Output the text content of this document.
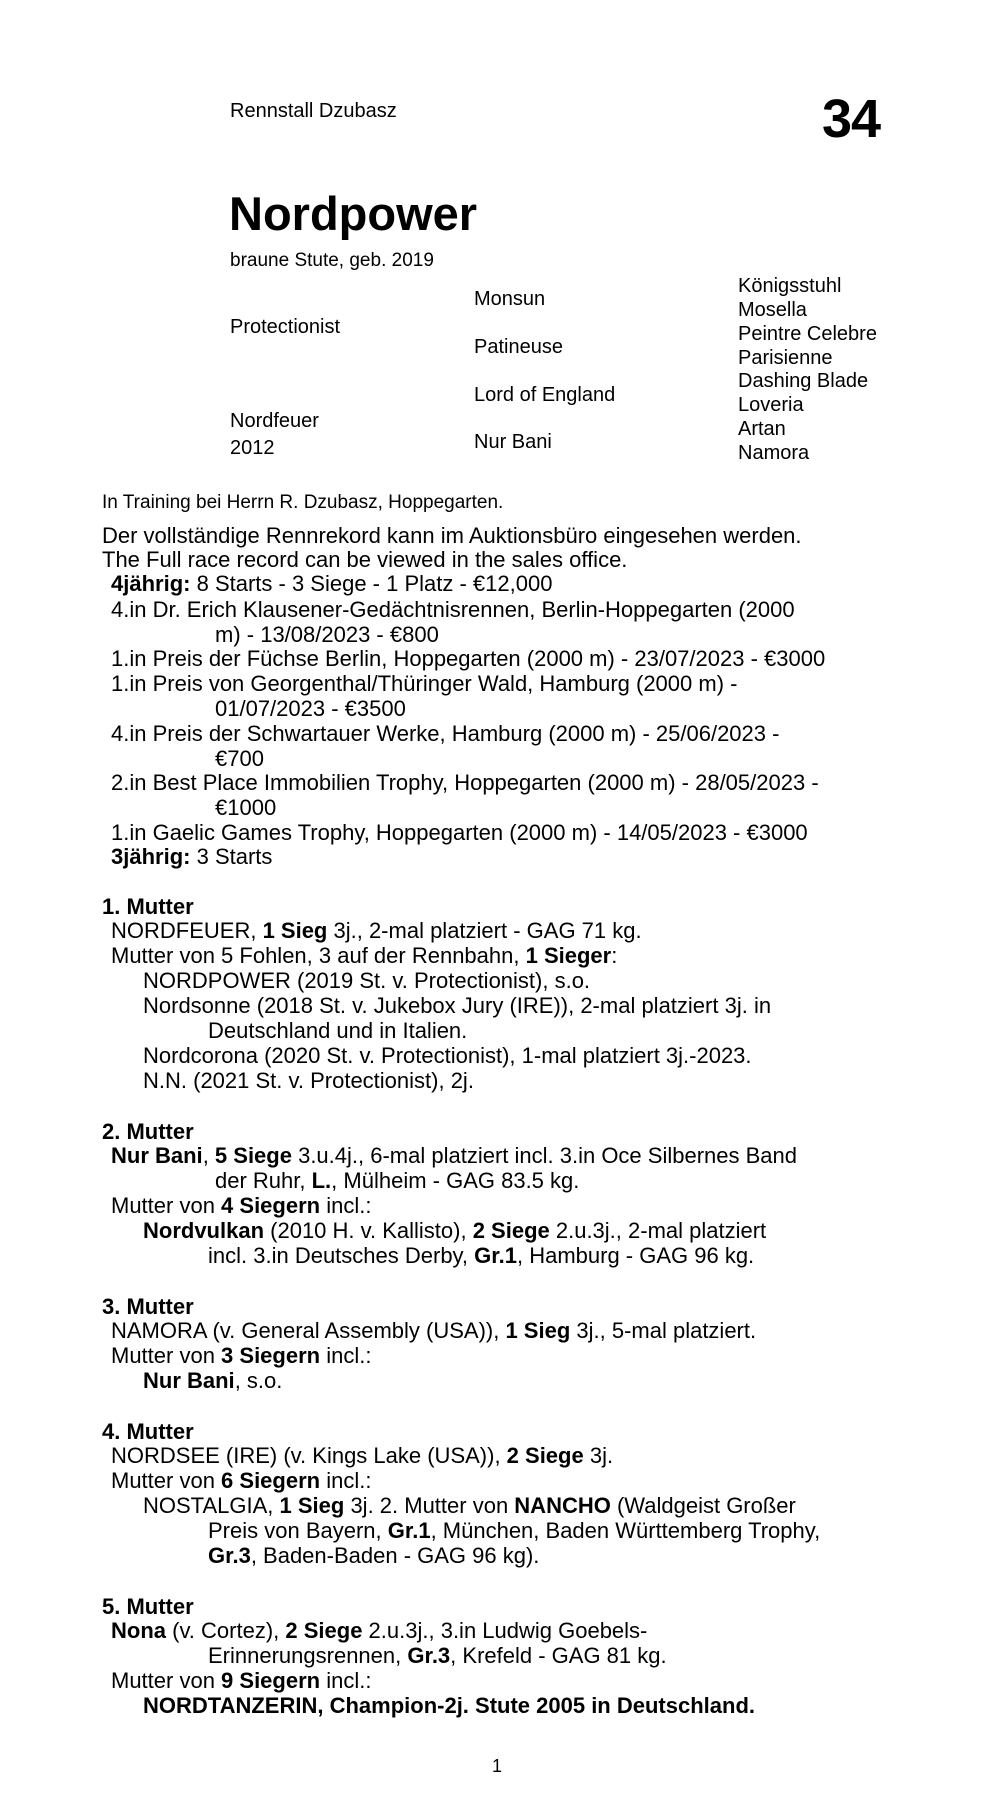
Rennstall Dzubasz	34
Nordpower
braune Stute, geb. 2019
Protectionist
Nordfeuer
2012
Monsun
Patineuse
Lord of England
Nur Bani
Königsstuhl
Mosella
Peintre Celebre
Parisienne
Dashing Blade
Loveria
Artan
Namora
In Training bei Herrn R. Dzubasz, Hoppegarten.
Der vollständige Rennrekord kann im Auktionsbüro eingesehen werden.
The Full race record can be viewed in the sales office.
4jährig: 8 Starts - 3 Siege - 1 Platz - €12,000
4.in Dr. Erich Klausener-Gedächtnisrennen, Berlin-Hoppegarten (2000
m) - 13/08/2023 - €800
1.in Preis der Füchse Berlin, Hoppegarten (2000 m) - 23/07/2023 - €3000
1.in Preis von Georgenthal/Thüringer Wald, Hamburg (2000 m) -
01/07/2023 - €3500
4.in Preis der Schwartauer Werke, Hamburg (2000 m) - 25/06/2023 -
€700
2.in Best Place Immobilien Trophy, Hoppegarten (2000 m) - 28/05/2023 -
€1000
1.in Gaelic Games Trophy, Hoppegarten (2000 m) - 14/05/2023 - €3000
3jährig: 3 Starts
1. Mutter
NORDFEUER, 1 Sieg 3j., 2-mal platziert - GAG 71 kg.
Mutter von 5 Fohlen, 3 auf der Rennbahn, 1 Sieger:
NORDPOWER (2019 St. v. Protectionist), s.o.
Nordsonne (2018 St. v. Jukebox Jury (IRE)), 2-mal platziert 3j. in
Deutschland und in Italien.
Nordcorona (2020 St. v. Protectionist), 1-mal platziert 3j.-2023.
N.N. (2021 St. v. Protectionist), 2j.
2. Mutter
Nur Bani, 5 Siege 3.u.4j., 6-mal platziert incl. 3.in Oce Silbernes Band
der Ruhr, L., Mülheim - GAG 83.5 kg.
Mutter von 4 Siegern incl.:
Nordvulkan (2010 H. v. Kallisto), 2 Siege 2.u.3j., 2-mal platziert
incl. 3.in Deutsches Derby, Gr.1, Hamburg - GAG 96 kg.
3. Mutter
NAMORA (v. General Assembly (USA)), 1 Sieg 3j., 5-mal platziert.
Mutter von 3 Siegern incl.:
Nur Bani, s.o.
4. Mutter
NORDSEE (IRE) (v. Kings Lake (USA)), 2 Siege 3j.
Mutter von 6 Siegern incl.:
NOSTALGIA, 1 Sieg 3j. 2. Mutter von NANCHO (Waldgeist Großer
Preis von Bayern, Gr.1, München, Baden Württemberg Trophy,
Gr.3, Baden-Baden - GAG 96 kg).
5. Mutter
Nona (v. Cortez), 2 Siege 2.u.3j., 3.in Ludwig Goebels-
Erinnerungsrennen, Gr.3, Krefeld - GAG 81 kg.
Mutter von 9 Siegern incl.:
NORDTANZERIN, Champion-2j. Stute 2005 in Deutschland.
1
